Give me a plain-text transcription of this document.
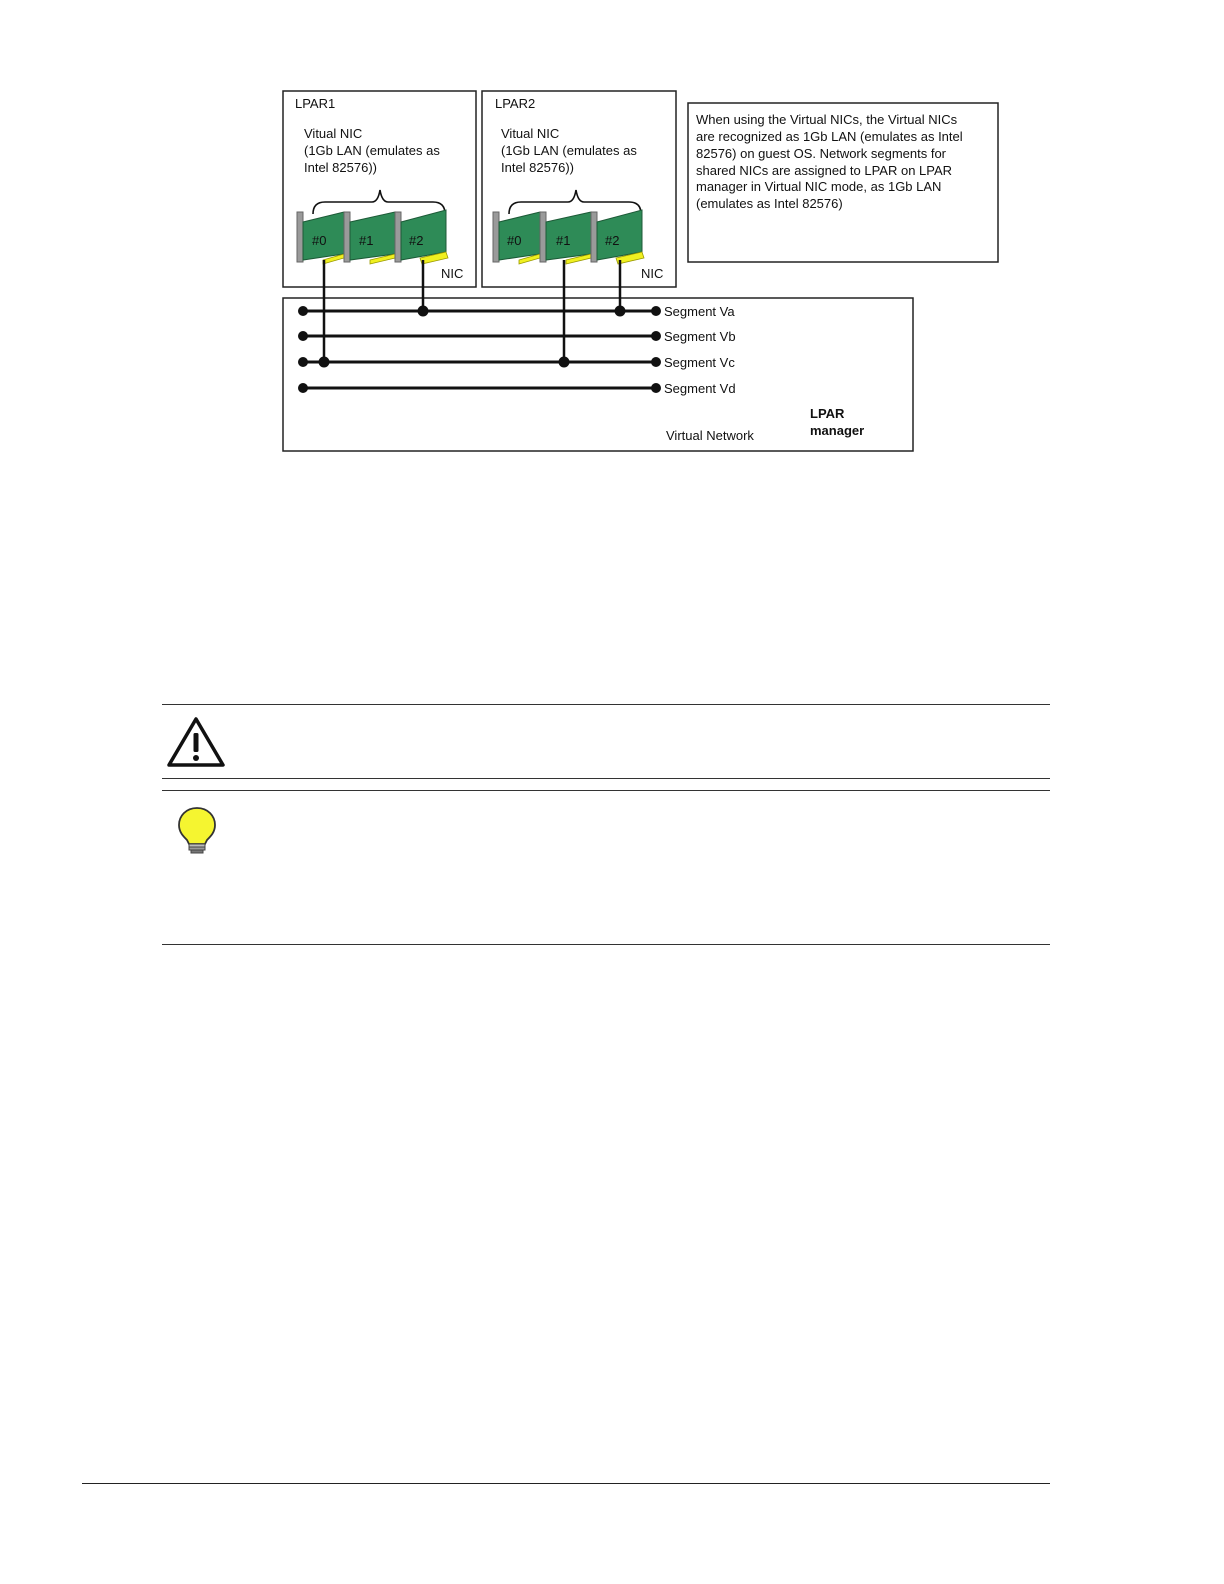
LPAR1
Vitual NIC
(1Gb LAN (emulates as
Intel 82576))
#0	#1	#2
NIC
LPAR2
Vitual NIC
(1Gb LAN (emulates as
Intel 82576))
#0	#1	#2
NIC
When using the Virtual NICs, the Virtual NICs
are recognized as 1Gb LAN (emulates as Intel
82576) on guest OS. Network segments for
shared NICs are assigned to LPAR on LPAR
manager in Virtual NIC mode, as 1Gb LAN
(emulates as Intel 82576)
Segment Va
Segment Vb
Segment Vc
Segment Vd
Virtual Network
LPAR
manager
